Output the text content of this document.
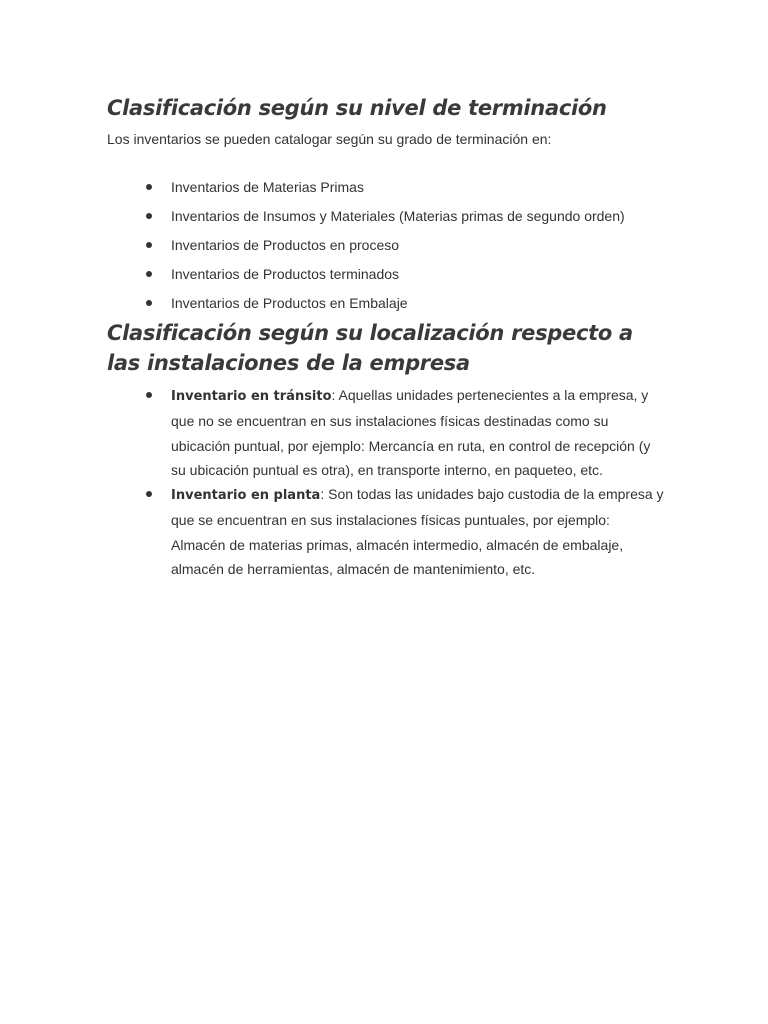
Clasificación según su nivel de terminación
Los inventarios se pueden catalogar según su grado de terminación en:
Inventarios de Materias Primas
Inventarios de Insumos y Materiales (Materias primas de segundo orden)
Inventarios de Productos en proceso
Inventarios de Productos terminados
Inventarios de Productos en Embalaje
Clasificación según su localización respecto a las instalaciones de la empresa
Inventario en tránsito: Aquellas unidades pertenecientes a la empresa, y que no se encuentran en sus instalaciones físicas destinadas como su ubicación puntual, por ejemplo: Mercancía en ruta, en control de recepción (y su ubicación puntual es otra), en transporte interno, en paqueteo, etc.
Inventario en planta: Son todas las unidades bajo custodia de la empresa y que se encuentran en sus instalaciones físicas puntuales, por ejemplo: Almacén de materias primas, almacén intermedio, almacén de embalaje, almacén de herramientas, almacén de mantenimiento, etc.
